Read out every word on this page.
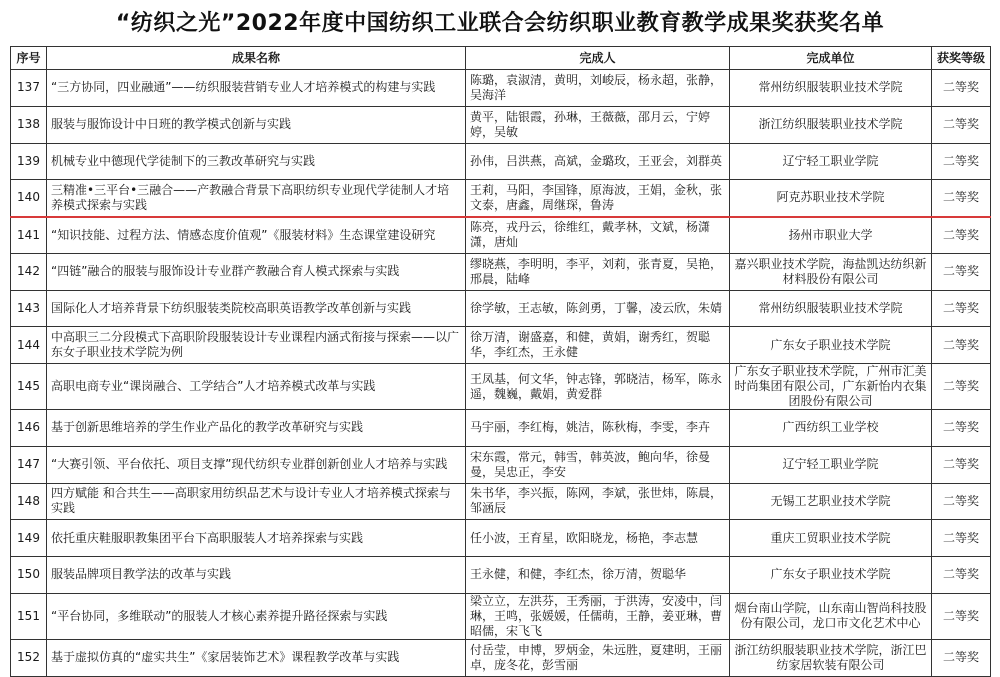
“纺织之光”2022年度中国纺织工业联合会纺织职业教育教学成果奖获奖名单
序号	成果名称	完成人	完成单位	获奖等级
137	“三方协同，四业融通”——纺织服装营销专业人才培养模式的构建与实践	陈璐，袁淑清，黄明，刘峻辰，杨永超，张静，吴海洋	常州纺织服装职业技术学院	二等奖
138	服装与服饰设计中日班的教学模式创新与实践	黄平，陆银霞，孙琳，王薇薇，邵月云，宁婷婷，吴敏	浙江纺织服装职业技术学院	二等奖
139	机械专业中德现代学徒制下的三教改革研究与实践	孙伟，吕洪燕，高斌，金璐玫，王亚会，刘群英	辽宁轻工职业学院	二等奖
140	三精准•三平台•三融合——产教融合背景下高职纺织专业现代学徒制人才培养模式探索与实践	王莉，马阳，李国锋，原海波，王娟，金秋，张文泰，唐鑫，周继琛，鲁涛	阿克苏职业技术学院	二等奖
141	“知识技能、过程方法、情感态度价值观”《服装材料》生态课堂建设研究	陈亮，戎丹云，徐维红，戴孝林，文斌，杨潇潇，唐灿	扬州市职业大学	二等奖
142	“四链”融合的服装与服饰设计专业群产教融合育人模式探索与实践	缪晓燕，李明明，李平，刘莉，张青夏，吴艳，邢晨，陆峰	嘉兴职业技术学院，海盐凯达纺织新材料股份有限公司	二等奖
143	国际化人才培养背景下纺织服装类院校高职英语教学改革创新与实践	徐学敏，王志敏，陈剑勇，丁馨，凌云欣，朱婧	常州纺织服装职业技术学院	二等奖
144	中高职三二分段模式下高职阶段服装设计专业课程内涵式衔接与探索——以广东女子职业技术学院为例	徐万清，谢盛嘉，和健，黄娟，谢秀红，贺聪华，李红杰，王永健	广东女子职业技术学院	二等奖
145	高职电商专业“课岗融合、工学结合”人才培养模式改革与实践	王凤基，何文华，钟志锋，郭晓洁，杨军，陈永遥，魏巍，戴娟，黄爱群	广东女子职业技术学院，广州市汇美时尚集团有限公司，广东新怡内衣集团股份有限公司	二等奖
146	基于创新思维培养的学生作业产品化的教学改革研究与实践	马宇丽，李红梅，姚洁，陈秋梅，李雯，李卉	广西纺织工业学校	二等奖
147	“大赛引领、平台依托、项目支撑”现代纺织专业群创新创业人才培养与实践	宋东霞，常元，韩雪，韩英波，鲍向华，徐曼曼，吴忠正，李安	辽宁轻工职业学院	二等奖
148	四方赋能 和合共生——高职家用纺织品艺术与设计专业人才培养模式探索与实践	朱书华，李兴振，陈网，李斌，张世炜，陈晨，邹涵辰	无锡工艺职业技术学院	二等奖
149	依托重庆鞋服职教集团平台下高职服装人才培养探索与实践	任小波，王育星，欧阳晓龙，杨艳，李志慧	重庆工贸职业技术学院	二等奖
150	服装品牌项目教学法的改革与实践	王永健，和健，李红杰，徐万清，贺聪华	广东女子职业技术学院	二等奖
151	“平台协同，多维联动”的服装人才核心素养提升路径探索与实践	梁立立，左洪芬，王秀丽，于洪涛，安凌中，闫琳，王鸣，张媛媛，任儒萌，王静，姜亚琳，曹昭儒，宋飞飞	烟台南山学院，山东南山智尚科技股份有限公司，龙口市文化艺术中心	二等奖
152	基于虚拟仿真的“虚实共生”《家居装饰艺术》课程教学改革与实践	付岳莹，申博，罗炳金，朱远胜，夏建明，王丽卓，庞冬花，彭雪丽	浙江纺织服装职业技术学院，浙江巴纺家居软装有限公司	二等奖
